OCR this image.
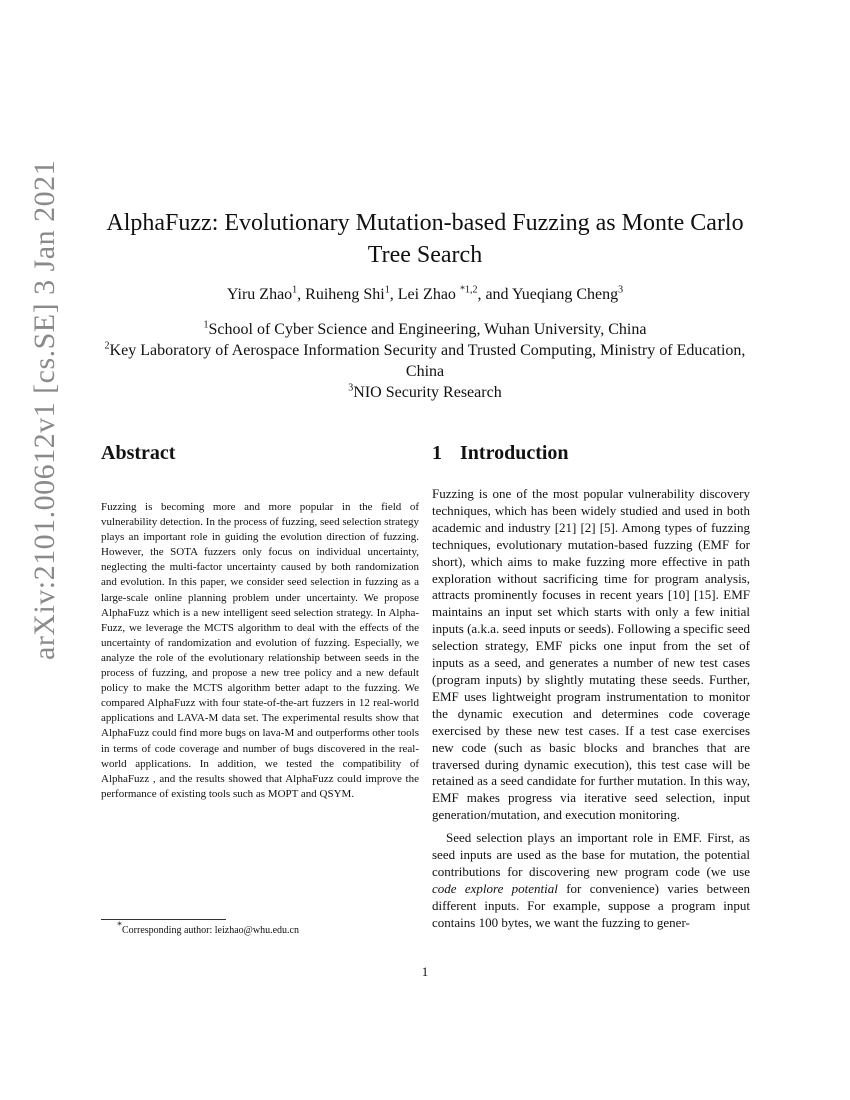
arXiv:2101.00612v1 [cs.SE] 3 Jan 2021	AlphaFuzz: Evolutionary Mutation-based Fuzzing as Monte Carlo Tree Search
Yiru Zhao$^1$, Ruiheng Shi$^1$, Lei Zhao $^{*1,2}$, and Yueqiang Cheng$^3$
$^1$School of Cyber Science and Engineering, Wuhan University, China
$^2$Key Laboratory of Aerospace Information Security and Trusted Computing, Ministry of Education, China
$^3$NIO Security Research
Abstract
Fuzzing is becoming more and more popular in the field of vulnerability detection. In the process of fuzzing, seed selection strategy plays an important role in guiding the evolution direction of fuzzing. However, the SOTA fuzzers only focus on individual uncertainty, neglecting the multi-factor uncertainty caused by both randomization and evolution. In this paper, we consider seed selection in fuzzing as a large-scale online planning problem under uncertainty. We propose AlphaFuzz which is a new intelligent seed selection strategy. In Alpha-Fuzz, we leverage the MCTS algorithm to deal with the effects of the uncertainty of randomization and evolution of fuzzing. Especially, we analyze the role of the evolutionary relationship between seeds in the process of fuzzing, and propose a new tree policy and a new default policy to make the MCTS algorithm better adapt to the fuzzing. We compared AlphaFuzz with four state-of-the-art fuzzers in 12 real-world applications and LAVA-M data set. The experimental results show that AlphaFuzz could find more bugs on lava-M and outperforms other tools in terms of code coverage and number of bugs discovered in the real-world applications. In addition, we tested the compatibility of AlphaFuzz , and the results showed that AlphaFuzz could improve the performance of existing tools such as MOPT and QSYM.
1 Introduction

Fuzzing is one of the most popular vulnerability discovery techniques, which has been widely studied and used in both academic and industry [21] [2] [5]. Among types of fuzzing techniques, evolutionary mutation-based fuzzing (EMF for short), which aims to make fuzzing more effective in path exploration without sacrificing time for program analysis, attracts prominently focuses in recent years [10] [15]. EMF maintains an input set which starts with only a few initial inputs (a.k.a. seed inputs or seeds). Following a specific seed selection strategy, EMF picks one input from the set of inputs as a seed, and generates a number of new test cases (program inputs) by slightly mutating these seeds. Further, EMF uses lightweight program instrumentation to monitor the dynamic execution and determines code coverage exercised by these new test cases. If a test case exercises new code (such as basic blocks and branches that are traversed during dynamic execution), this test case will be retained as a seed candidate for further mutation. In this way, EMF makes progress via iterative seed selection, input generation/mutation, and execution monitoring.

Seed selection plays an important role in EMF. First, as seed inputs are used as the base for mutation, the potential contributions for discovering new program code (we use code explore potential for convenience) varies between different inputs. For example, suppose a program input contains 100 bytes, we want the fuzzing to gener-

*Corresponding author: leizhao@whu.edu.cn
1
